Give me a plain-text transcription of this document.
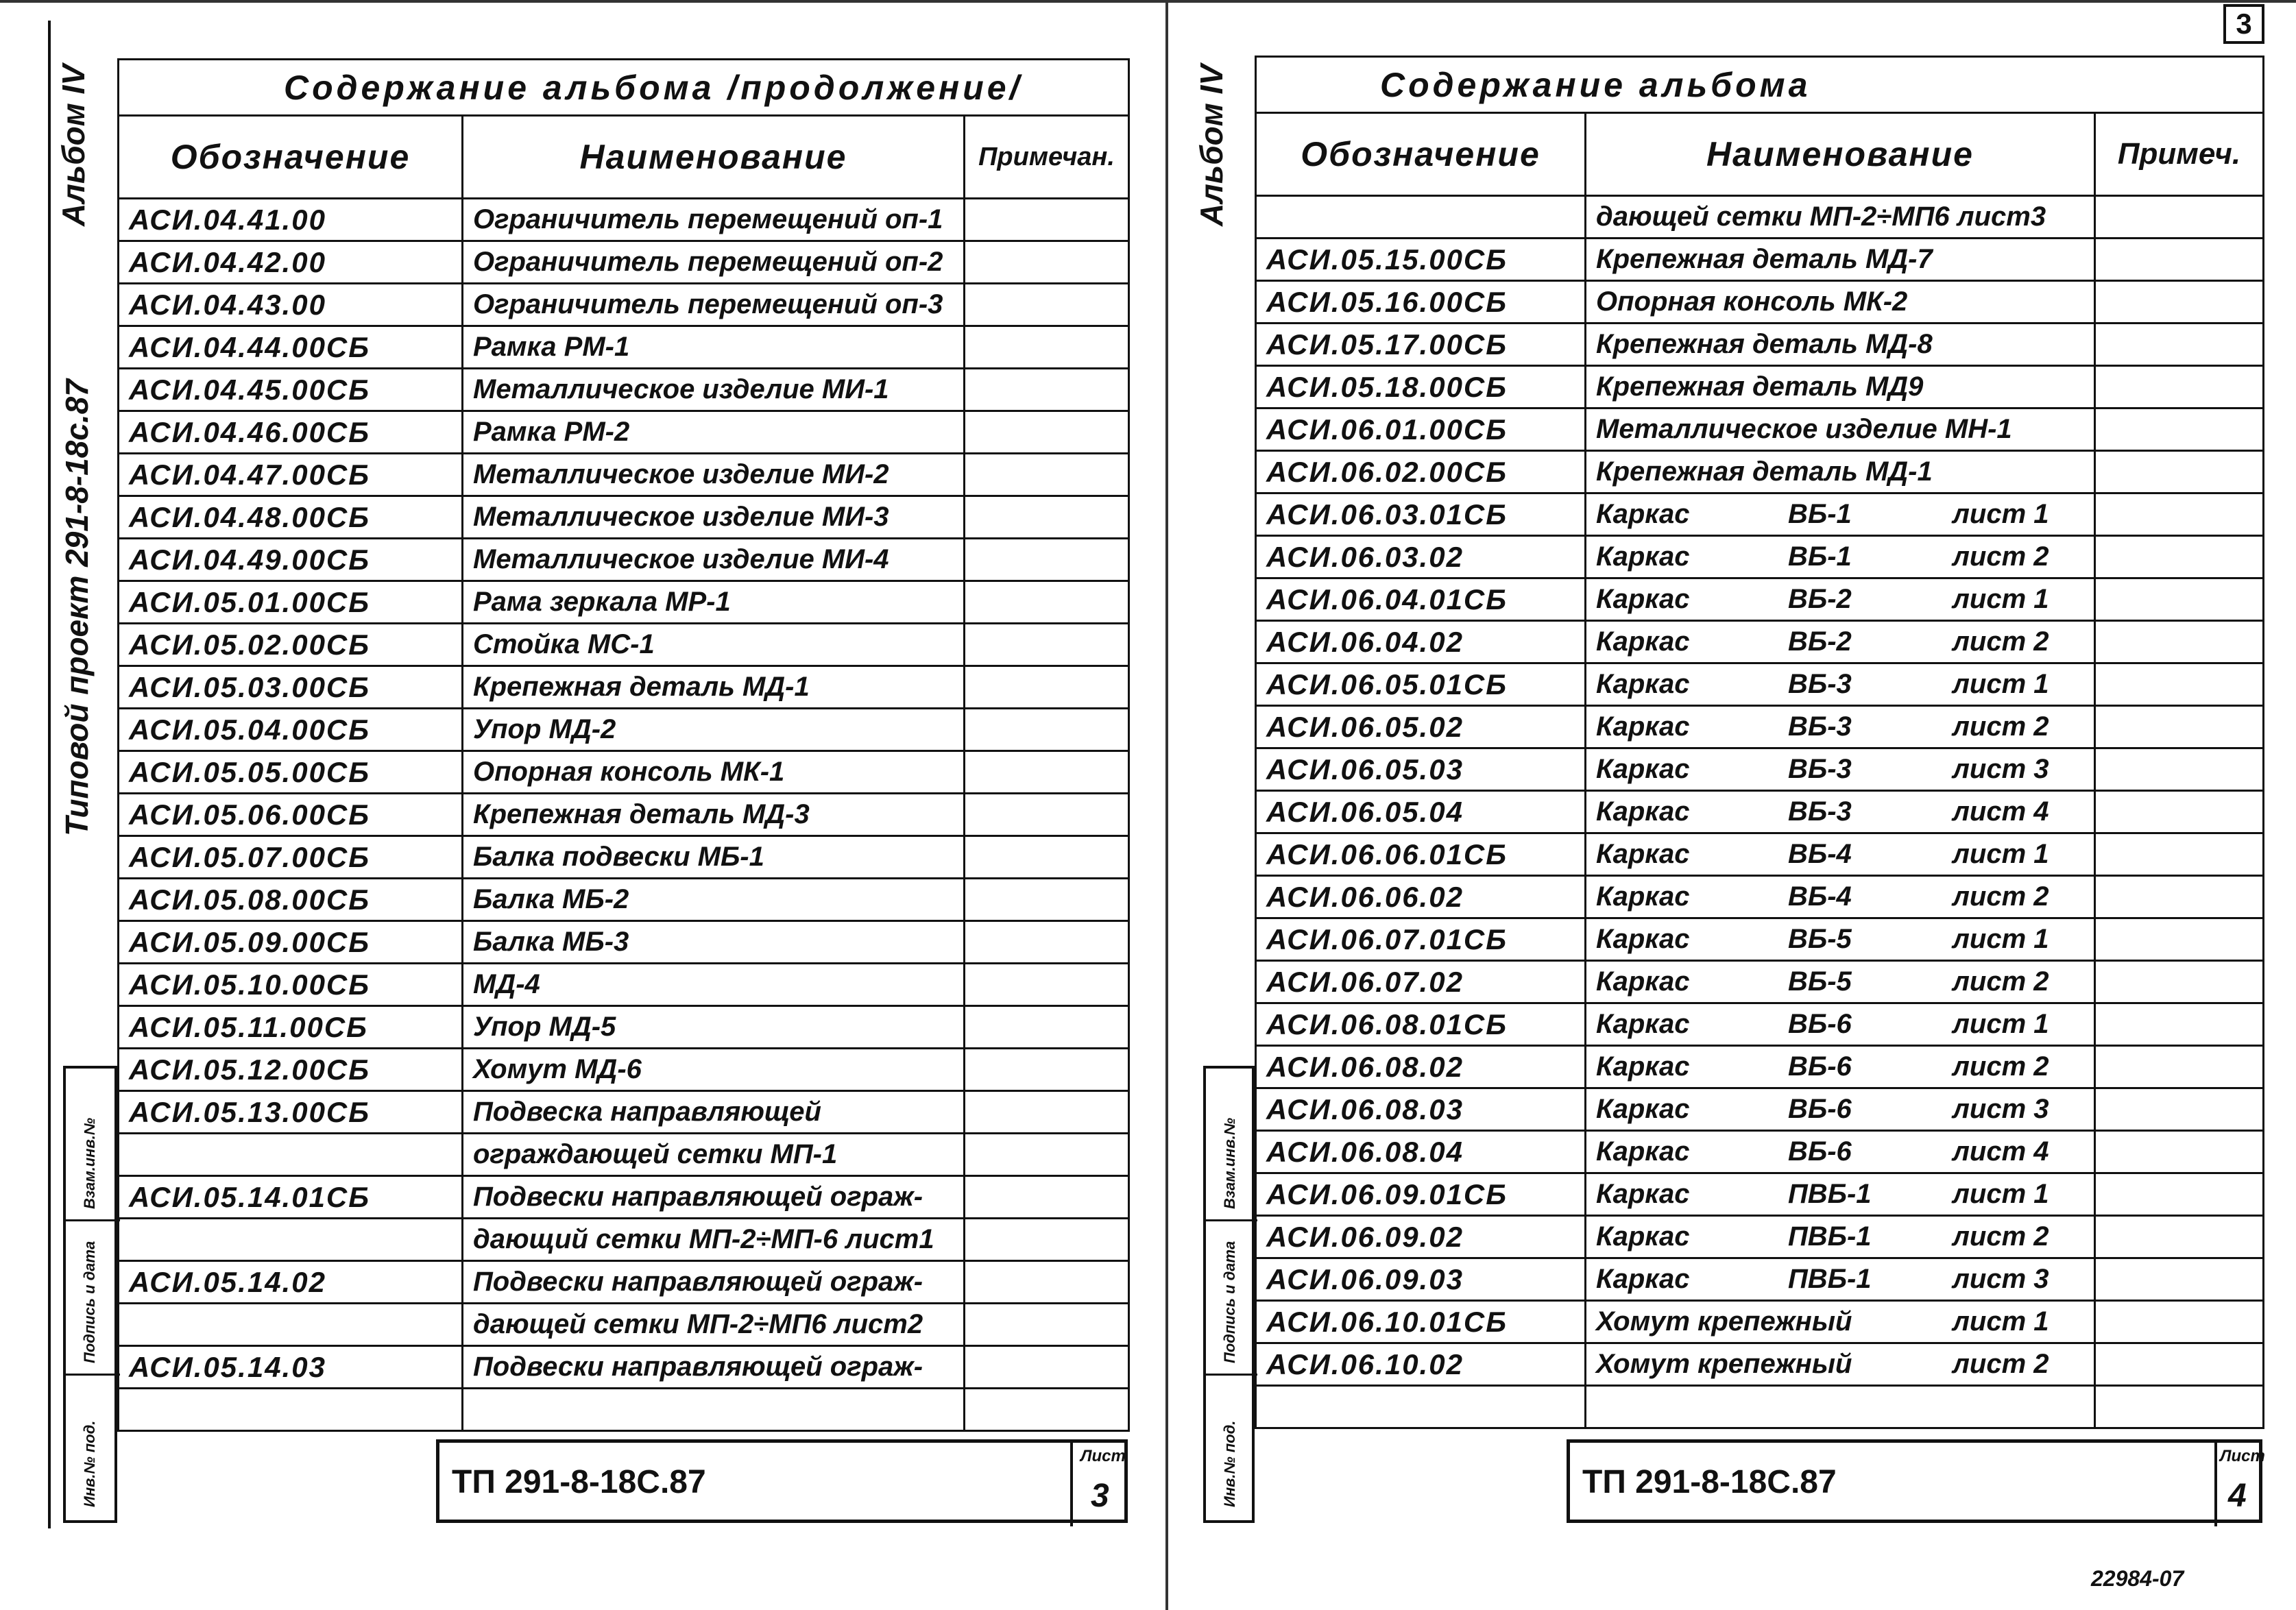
Типовой проект 291-8-18с.87
Альбом IV	Содержание альбома /продолжение/		
Обозначение	Наименование	Примечан.
АСИ.04.41.00	Ограничитель перемещений оп-1	
АСИ.04.42.00	Ограничитель перемещений оп-2	
АСИ.04.43.00	Ограничитель перемещений оп-3	
АСИ.04.44.00СБ	Рамка РМ-1	
АСИ.04.45.00СБ	Металлическое изделие МИ-1	
АСИ.04.46.00СБ	Рамка РМ-2	
АСИ.04.47.00СБ	Металлическое изделие МИ-2	
АСИ.04.48.00СБ	Металлическое изделие МИ-3	
АСИ.04.49.00СБ	Металлическое изделие МИ-4	
АСИ.05.01.00СБ	Рама зеркала МР-1	
АСИ.05.02.00СБ	Стойка МС-1	
АСИ.05.03.00СБ	Крепежная деталь МД-1	
АСИ.05.04.00СБ	Упор МД-2	
АСИ.05.05.00СБ	Опорная консоль МК-1	
АСИ.05.06.00СБ	Крепежная деталь МД-3	
АСИ.05.07.00СБ	Балка подвески МБ-1	
АСИ.05.08.00СБ	Балка МБ-2	
АСИ.05.09.00СБ	Балка МБ-3	
АСИ.05.10.00СБ	МД-4	
АСИ.05.11.00СБ	Упор МД-5	
АСИ.05.12.00СБ	Хомут МД-6	
АСИ.05.13.00СБ	Подвеска направляющей	
	ограждающей сетки МП-1	
АСИ.05.14.01СБ	Подвески направляющей ограж-	
	дающий сетки МП-2÷МП-6 лист1	
АСИ.05.14.02	Подвески направляющей ограж-	
	дающей сетки МП-2÷МП6 лист2	
АСИ.05.14.03	Подвески направляющей ограж-	

Взам.инв.№
Подпись и дата
Инв.№ под.	ТП 291-8-18С.87
Лист
3
3
Альбом IV	Содержание альбома		
Обозначение	Наименование	Примеч.
	дающей сетки МП-2÷МП6 лист3	
АСИ.05.15.00СБ	Крепежная деталь МД-7	
АСИ.05.16.00СБ	Опорная консоль МК-2	
АСИ.05.17.00СБ	Крепежная деталь МД-8	
АСИ.05.18.00СБ	Крепежная деталь МД9	
АСИ.06.01.00СБ	Металлическое изделие МН-1	
АСИ.06.02.00СБ	Крепежная деталь МД-1	
АСИ.06.03.01СБ	Каркас ВБ-1 лист 1	
АСИ.06.03.02	Каркас ВБ-1 лист 2	
АСИ.06.04.01СБ	Каркас ВБ-2 лист 1	
АСИ.06.04.02	Каркас ВБ-2 лист 2	
АСИ.06.05.01СБ	Каркас ВБ-3 лист 1	
АСИ.06.05.02	Каркас ВБ-3 лист 2	
АСИ.06.05.03	Каркас ВБ-3 лист 3	
АСИ.06.05.04	Каркас ВБ-3 лист 4	
АСИ.06.06.01СБ	Каркас ВБ-4 лист 1	
АСИ.06.06.02	Каркас ВБ-4 лист 2	
АСИ.06.07.01СБ	Каркас ВБ-5 лист 1	
АСИ.06.07.02	Каркас ВБ-5 лист 2	
АСИ.06.08.01СБ	Каркас ВБ-6 лист 1	
АСИ.06.08.02	Каркас ВБ-6 лист 2	
АСИ.06.08.03	Каркас ВБ-6 лист 3	
АСИ.06.08.04	Каркас ВБ-6 лист 4	
АСИ.06.09.01СБ	Каркас ПВБ-1 лист 1	
АСИ.06.09.02	Каркас ПВБ-1 лист 2	
АСИ.06.09.03	Каркас ПВБ-1 лист 3	
АСИ.06.10.01СБ	Хомут крепежный лист 1	
АСИ.06.10.02	Хомут крепежный лист 2	

Взам.инв.№
Подпись и дата
Инв.№ под.	ТП 291-8-18С.87
Лист
4
22984-07
